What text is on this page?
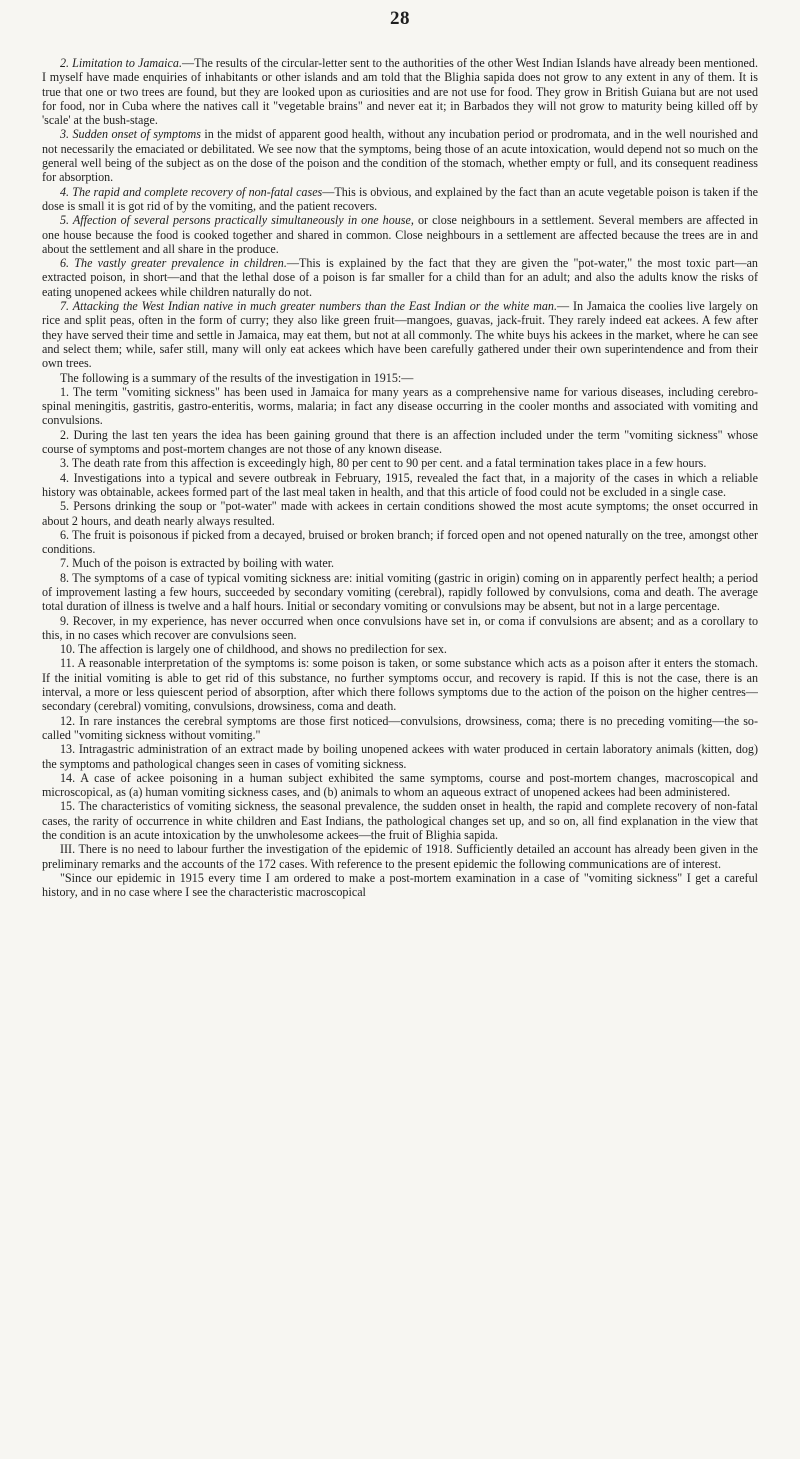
28

2. Limitation to Jamaica.—The results of the circular-letter sent to the authorities of the other West Indian Islands have already been mentioned. I myself have made enquiries of inhabitants or other islands and am told that the Blighia sapida does not grow to any extent in any of them. It is true that one or two trees are found, but they are looked upon as curiosities and are not use for food. They grow in British Guiana but are not used for food, nor in Cuba where the natives call it "vegetable brains" and never eat it; in Barbados they will not grow to maturity being killed off by 'scale' at the bush-stage.

3. Sudden onset of symptoms in the midst of apparent good health, without any incubation period or prodromata, and in the well nourished and not necessarily the emaciated or debilitated. We see now that the symptoms, being those of an acute intoxication, would depend not so much on the general well being of the subject as on the dose of the poison and the condition of the stomach, whether empty or full, and its consequent readiness for absorption.

4. The rapid and complete recovery of non-fatal cases—This is obvious, and explained by the fact than an acute vegetable poison is taken if the dose is small it is got rid of by the vomiting, and the patient recovers.

5. Affection of several persons practically simultaneously in one house, or close neighbours in a settlement. Several members are affected in one house because the food is cooked together and shared in common. Close neighbours in a settlement are affected because the trees are in and about the settlement and all share in the produce.

6. The vastly greater prevalence in children.—This is explained by the fact that they are given the "pot-water," the most toxic part—an extracted poison, in short—and that the lethal dose of a poison is far smaller for a child than for an adult; and also the adults know the risks of eating unopened ackees while children naturally do not.

7. Attacking the West Indian native in much greater numbers than the East Indian or the white man.— In Jamaica the coolies live largely on rice and split peas, often in the form of curry; they also like green fruit—mangoes, guavas, jack-fruit. They rarely indeed eat ackees. A few after they have served their time and settle in Jamaica, may eat them, but not at all commonly. The white buys his ackees in the market, where he can see and select them; while, safer still, many will only eat ackees which have been carefully gathered under their own superintendence and from their own trees.

The following is a summary of the results of the investigation in 1915:—

1. The term "vomiting sickness" has been used in Jamaica for many years as a comprehensive name for various diseases, including cerebro-spinal meningitis, gastritis, gastro-enteritis, worms, malaria; in fact any disease occurring in the cooler months and associated with vomiting and convulsions.

2. During the last ten years the idea has been gaining ground that there is an affection included under the term "vomiting sickness" whose course of symptoms and post-mortem changes are not those of any known disease.

3. The death rate from this affection is exceedingly high, 80 per cent to 90 per cent. and a fatal termination takes place in a few hours.

4. Investigations into a typical and severe outbreak in February, 1915, revealed the fact that, in a majority of the cases in which a reliable history was obtainable, ackees formed part of the last meal taken in health, and that this article of food could not be excluded in a single case.

5. Persons drinking the soup or "pot-water" made with ackees in certain conditions showed the most acute symptoms; the onset occurred in about 2 hours, and death nearly always resulted.

6. The fruit is poisonous if picked from a decayed, bruised or broken branch; if forced open and not opened naturally on the tree, amongst other conditions.

7. Much of the poison is extracted by boiling with water.

8. The symptoms of a case of typical vomiting sickness are: initial vomiting (gastric in origin) coming on in apparently perfect health; a period of improvement lasting a few hours, succeeded by secondary vomiting (cerebral), rapidly followed by convulsions, coma and death. The average total duration of illness is twelve and a half hours. Initial or secondary vomiting or convulsions may be absent, but not in a large percentage.

9. Recover, in my experience, has never occurred when once convulsions have set in, or coma if convulsions are absent; and as a corollary to this, in no cases which recover are convulsions seen.

10. The affection is largely one of childhood, and shows no predilection for sex.

11. A reasonable interpretation of the symptoms is: some poison is taken, or some substance which acts as a poison after it enters the stomach. If the initial vomiting is able to get rid of this substance, no further symptoms occur, and recovery is rapid. If this is not the case, there is an interval, a more or less quiescent period of absorption, after which there follows symptoms due to the action of the poison on the higher centres— secondary (cerebral) vomiting, convulsions, drowsiness, coma and death.

12. In rare instances the cerebral symptoms are those first noticed—convulsions, drowsiness, coma; there is no preceding vomiting—the so-called "vomiting sickness without vomiting."

13. Intragastric administration of an extract made by boiling unopened ackees with water produced in certain laboratory animals (kitten, dog) the symptoms and pathological changes seen in cases of vomiting sickness.

14. A case of ackee poisoning in a human subject exhibited the same symptoms, course and post-mortem changes, macroscopical and microscopical, as (a) human vomiting sickness cases, and (b) animals to whom an aqueous extract of unopened ackees had been administered.

15. The characteristics of vomiting sickness, the seasonal prevalence, the sudden onset in health, the rapid and complete recovery of non-fatal cases, the rarity of occurrence in white children and East Indians, the pathological changes set up, and so on, all find explanation in the view that the condition is an acute intoxication by the unwholesome ackees—the fruit of Blighia sapida.

III. There is no need to labour further the investigation of the epidemic of 1918. Sufficiently detailed an account has already been given in the preliminary remarks and the accounts of the 172 cases. With reference to the present epidemic the following communications are of interest.

"Since our epidemic in 1915 every time I am ordered to make a post-mortem examination in a case of "vomiting sickness" I get a careful history, and in no case where I see the characteristic macroscopical
